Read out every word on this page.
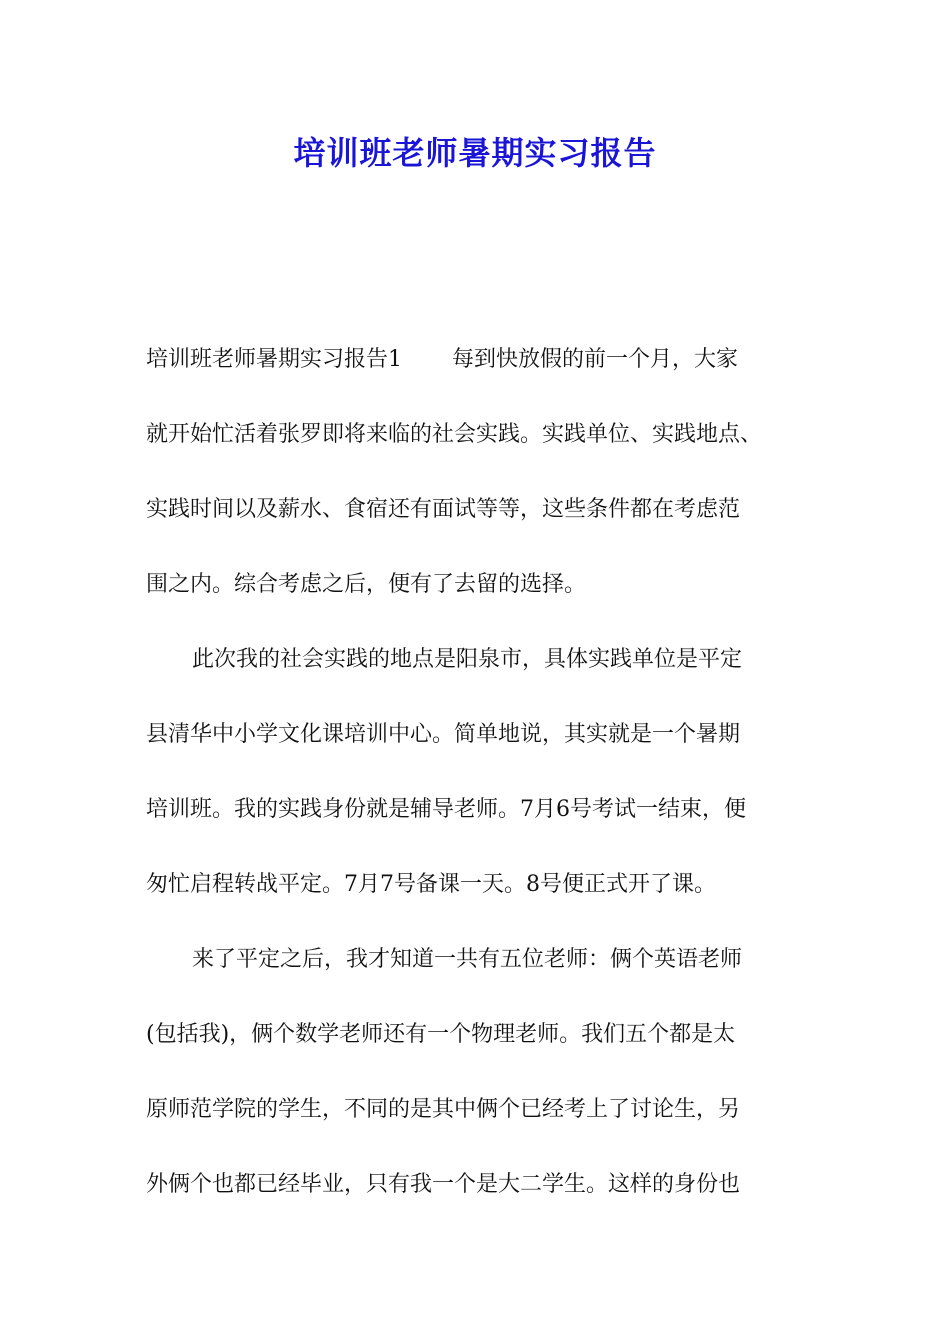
培训班老师暑期实习报告
培训班老师暑期实习报告1 每到快放假的前一个月，大家
就开始忙活着张罗即将来临的社会实践。实践单位、实践地点、
实践时间以及薪水、食宿还有面试等等，这些条件都在考虑范
围之内。综合考虑之后，便有了去留的选择。
此次我的社会实践的地点是阳泉市，具体实践单位是平定
县清华中小学文化课培训中心。简单地说，其实就是一个暑期
培训班。我的实践身份就是辅导老师。7月6号考试一结束，便
匆忙启程转战平定。7月7号备课一天。8号便正式开了课。
来了平定之后，我才知道一共有五位老师：俩个英语老师
(包括我)，俩个数学老师还有一个物理老师。我们五个都是太
原师范学院的学生，不同的是其中俩个已经考上了讨论生，另
外俩个也都已经毕业，只有我一个是大二学生。这样的身份也
